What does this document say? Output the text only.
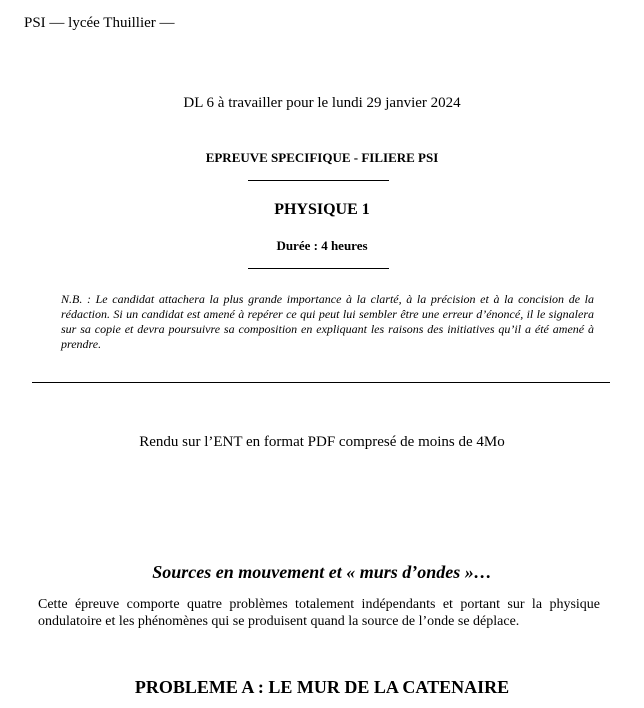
PSI — lycée Thuillier —
DL 6 à travailler pour le lundi 29 janvier 2024
EPREUVE SPECIFIQUE - FILIERE PSI
PHYSIQUE 1
Durée : 4 heures
N.B. : Le candidat attachera la plus grande importance à la clarté, à la précision et à la concision de la rédaction. Si un candidat est amené à repérer ce qui peut lui sembler être une erreur d’énoncé, il le signalera sur sa copie et devra poursuivre sa composition en expliquant les raisons des initiatives qu’il a été amené à prendre.
Rendu sur l’ENT en format PDF compresé de moins de 4Mo
Sources en mouvement et « murs d’ondes »…
Cette épreuve comporte quatre problèmes totalement indépendants et portant sur la physique ondulatoire et les phénomènes qui se produisent quand la source de l’onde se déplace.
PROBLEME A : LE MUR DE LA CATENAIRE
